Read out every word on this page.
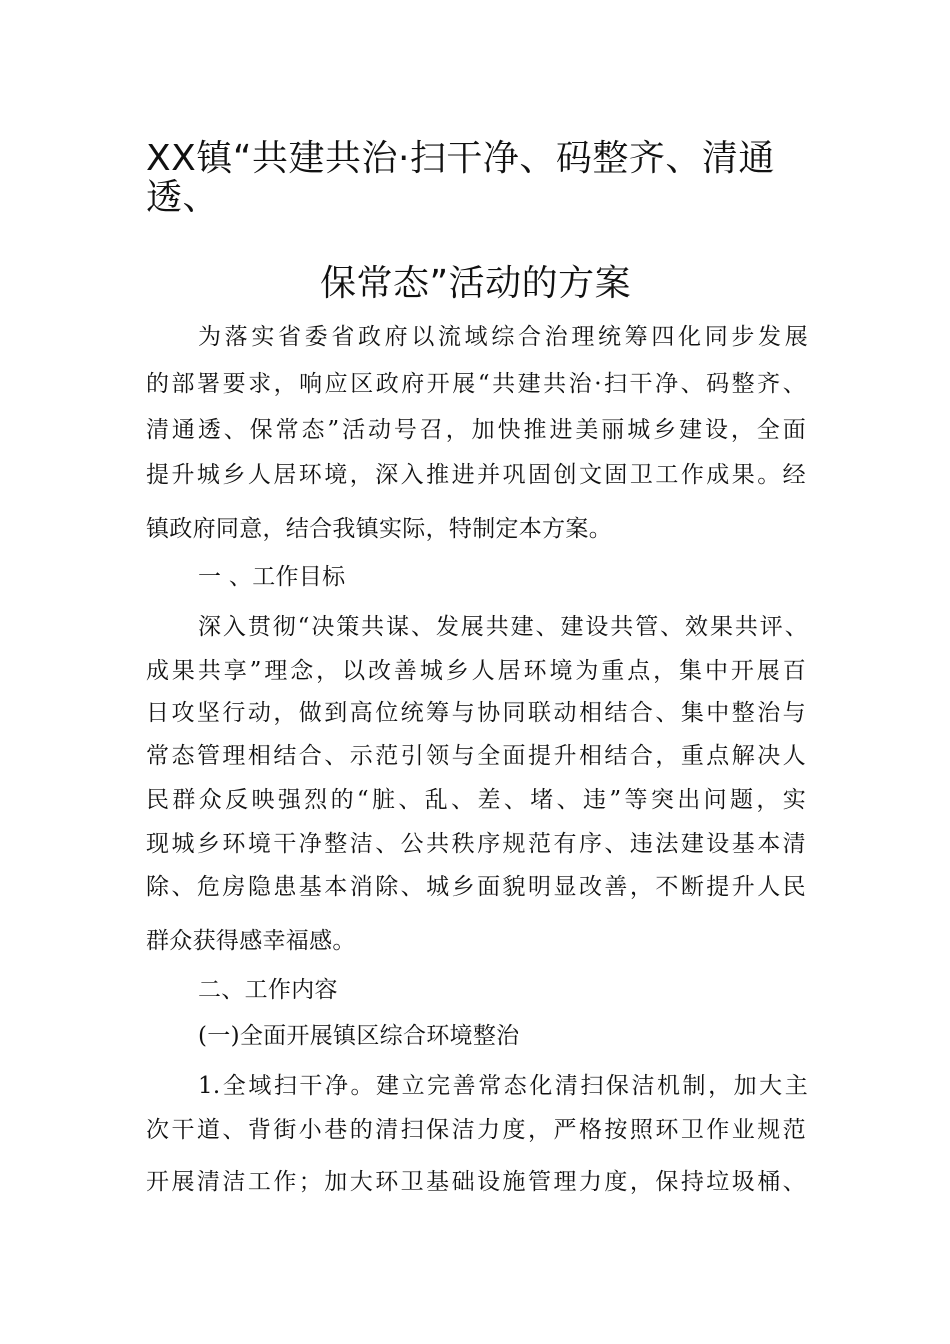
XX镇“共建共治·扫干净、码整齐、清通
透、
保常态”活动的方案
为落实省委省政府以流域综合治理统筹四化同步发展
的部署要求，响应区政府开展“共建共治·扫干净、码整齐、
清通透、保常态”活动号召，加快推进美丽城乡建设，全面
提升城乡人居环境，深入推进并巩固创文固卫工作成果。经
镇政府同意，结合我镇实际，特制定本方案。
一 、工作目标
深入贯彻“决策共谋、发展共建、建设共管、效果共评、
成果共享”理念，以改善城乡人居环境为重点，集中开展百
日攻坚行动，做到高位统筹与协同联动相结合、集中整治与
常态管理相结合、示范引领与全面提升相结合，重点解决人
民群众反映强烈的“脏、乱、差、堵、违”等突出问题，实
现城乡环境干净整洁、公共秩序规范有序、违法建设基本清
除、危房隐患基本消除、城乡面貌明显改善，不断提升人民
群众获得感幸福感。
二、工作内容
(一)全面开展镇区综合环境整治
1.全域扫干净。建立完善常态化清扫保洁机制，加大主
次干道、背街小巷的清扫保洁力度，严格按照环卫作业规范
开展清洁工作；加大环卫基础设施管理力度，保持垃圾桶、
